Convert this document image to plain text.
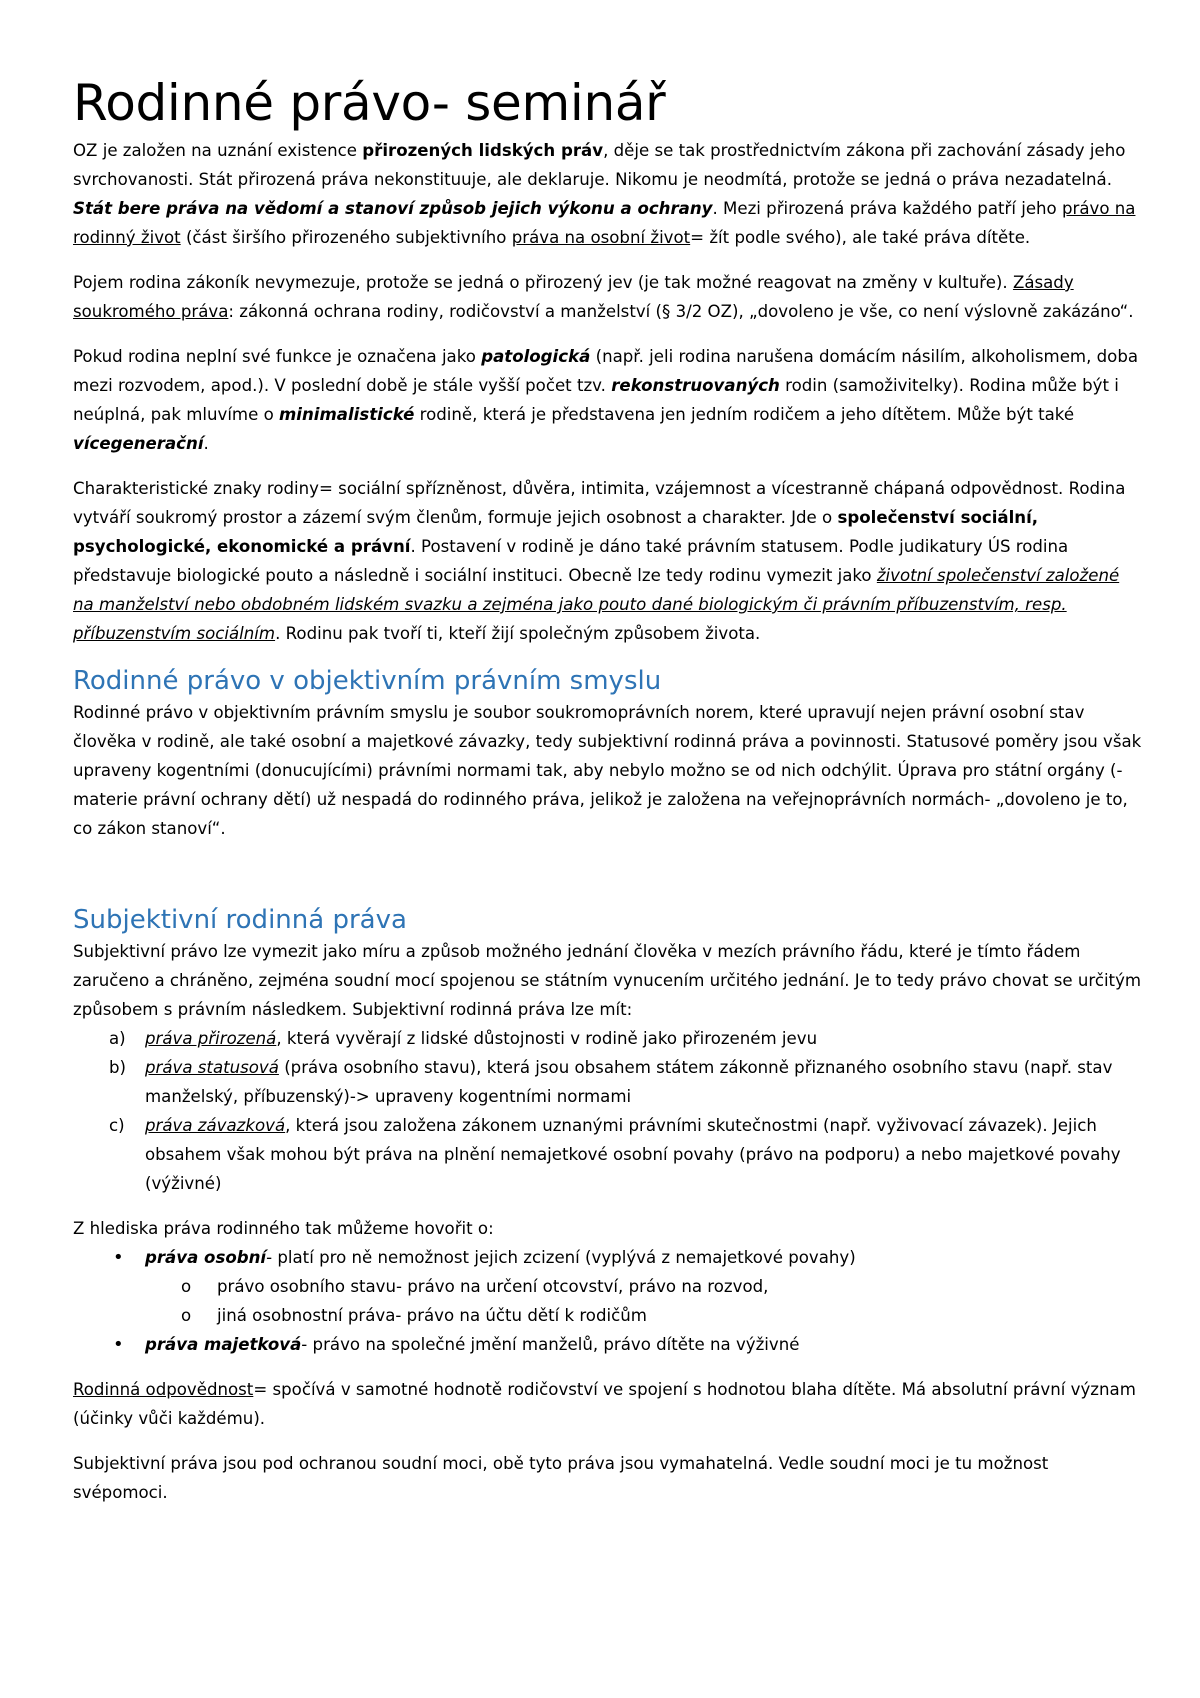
Rodinné právo- seminář

OZ je založen na uznání existence přirozených lidských práv, děje se tak prostřednictvím zákona při zachování zásady jeho svrchovanosti. Stát přirozená práva nekonstituuje, ale deklaruje. Nikomu je neodmítá, protože se jedná o práva nezadatelná. Stát bere práva na vědomí a stanoví způsob jejich výkonu a ochrany. Mezi přirozená práva každého patří jeho právo na rodinný život (část širšího přirozeného subjektivního práva na osobní život= žít podle svého), ale také práva dítěte.

Pojem rodina zákoník nevymezuje, protože se jedná o přirozený jev (je tak možné reagovat na změny v kultuře). Zásady soukromého práva: zákonná ochrana rodiny, rodičovství a manželství (§ 3/2 OZ), „dovoleno je vše, co není výslovně zakázáno“.

Pokud rodina neplní své funkce je označena jako patologická (např. jeli rodina narušena domácím násilím, alkoholismem, doba mezi rozvodem, apod.). V poslední době je stále vyšší počet tzv. rekonstruovaných rodin (samoživitelky). Rodina může být i neúplná, pak mluvíme o minimalistické rodině, která je představena jen jedním rodičem a jeho dítětem. Může být také vícegenerační.

Charakteristické znaky rodiny= sociální spřízněnost, důvěra, intimita, vzájemnost a vícestranně chápaná odpovědnost. Rodina vytváří soukromý prostor a zázemí svým členům, formuje jejich osobnost a charakter. Jde o společenství sociální, psychologické, ekonomické a právní. Postavení v rodině je dáno také právním statusem. Podle judikatury ÚS rodina představuje biologické pouto a následně i sociální instituci. Obecně lze tedy rodinu vymezit jako životní společenství založené na manželství nebo obdobném lidském svazku a zejména jako pouto dané biologickým či právním příbuzenstvím, resp. příbuzenstvím sociálním. Rodinu pak tvoří ti, kteří žijí společným způsobem života.

Rodinné právo v objektivním právním smyslu

Rodinné právo v objektivním právním smyslu je soubor soukromoprávních norem, které upravují nejen právní osobní stav člověka v rodině, ale také osobní a majetkové závazky, tedy subjektivní rodinná práva a povinnosti. Statusové poměry jsou však upraveny kogentními (donucujícími) právními normami tak, aby nebylo možno se od nich odchýlit. Úprava pro státní orgány (- materie právní ochrany dětí) už nespadá do rodinného práva, jelikož je založena na veřejnoprávních normách- „dovoleno je to, co zákon stanoví“.

Subjektivní rodinná práva

Subjektivní právo lze vymezit jako míru a způsob možného jednání člověka v mezích právního řádu, které je tímto řádem zaručeno a chráněno, zejména soudní mocí spojenou se státním vynucením určitého jednání. Je to tedy právo chovat se určitým způsobem s právním následkem. Subjektivní rodinná práva lze mít:

a) práva přirozená, která vyvěrají z lidské důstojnosti v rodině jako přirozeném jevu
b) práva statusová (práva osobního stavu), která jsou obsahem státem zákonně přiznaného osobního stavu (např. stav manželský, příbuzenský)-> upraveny kogentními normami
c) práva závazková, která jsou založena zákonem uznanými právními skutečnostmi (např. vyživovací závazek). Jejich obsahem však mohou být práva na plnění nemajetkové osobní povahy (právo na podporu) a nebo majetkové povahy (výživné)

Z hlediska práva rodinného tak můžeme hovořit o:

• práva osobní- platí pro ně nemožnost jejich zcizení (vyplývá z nemajetkové povahy)
o právo osobního stavu- právo na určení otcovství, právo na rozvod,
o jiná osobnostní práva- právo na účtu dětí k rodičům
• práva majetková- právo na společné jmění manželů, právo dítěte na výživné

Rodinná odpovědnost= spočívá v samotné hodnotě rodičovství ve spojení s hodnotou blaha dítěte. Má absolutní právní význam (účinky vůči každému).

Subjektivní práva jsou pod ochranou soudní moci, obě tyto práva jsou vymahatelná. Vedle soudní moci je tu možnost svépomoci.
